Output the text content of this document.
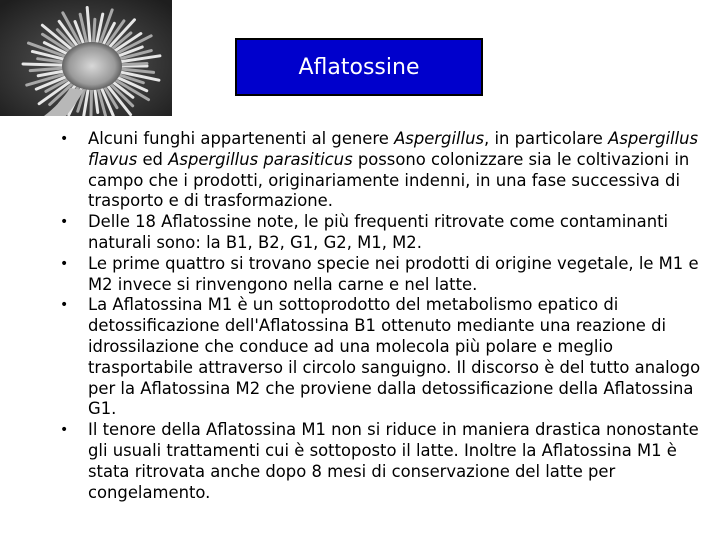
Aflatossine
• Alcuni funghi appartenenti al genere Aspergillus, in particolare Aspergillus flavus ed Aspergillus parasiticus possono colonizzare sia le coltivazioni in campo che i prodotti, originariamente indenni, in una fase successiva di trasporto e di trasformazione.
• Delle 18 Aflatossine note, le più frequenti ritrovate come contaminanti naturali sono: la B1, B2, G1, G2, M1, M2.
• Le prime quattro si trovano specie nei prodotti di origine vegetale, le M1 e M2 invece si rinvengono nella carne e nel latte.
• La Aflatossina M1 è un sottoprodotto del metabolismo epatico di detossificazione dell'Aflatossina B1 ottenuto mediante una reazione di idrossilazione che conduce ad una molecola più polare e meglio trasportabile attraverso il circolo sanguigno. Il discorso è del tutto analogo per la Aflatossina M2 che proviene dalla detossificazione della Aflatossina G1.
• Il tenore della Aflatossina M1 non si riduce in maniera drastica nonostante gli usuali trattamenti cui è sottoposto il latte. Inoltre la Aflatossina M1 è stata ritrovata anche dopo 8 mesi di conservazione del latte per congelamento.
